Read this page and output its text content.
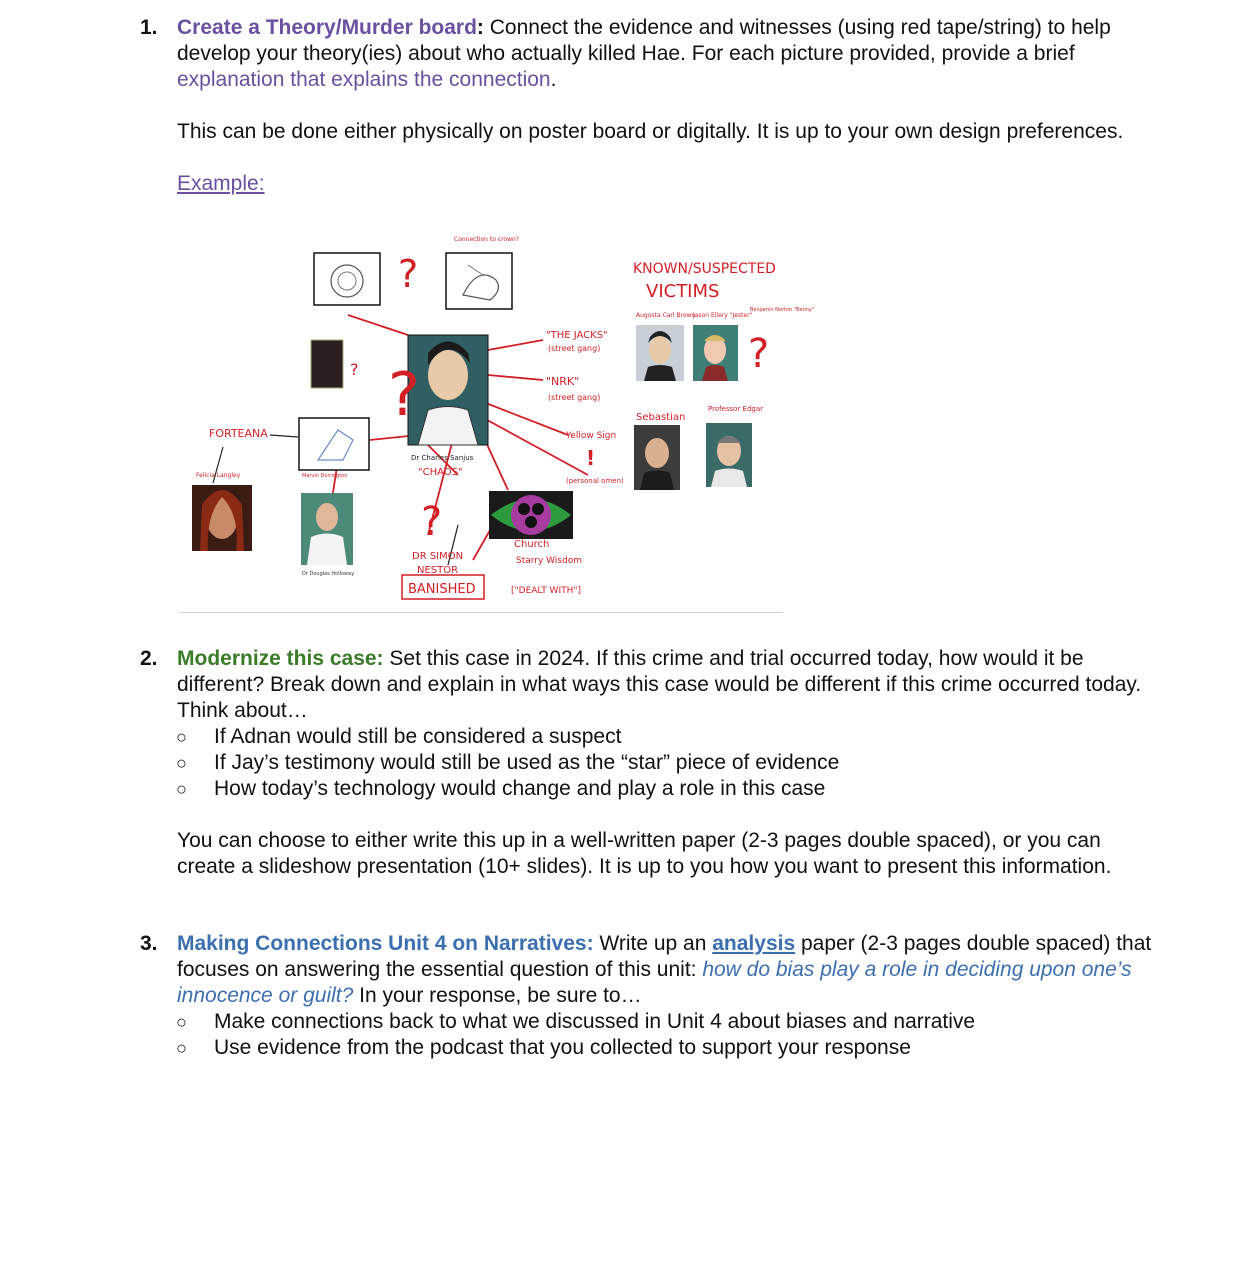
1. Create a Theory/Murder board: Connect the evidence and witnesses (using red tape/string) to help develop your theory(ies) about who actually killed Hae. For each picture provided, provide a brief explanation that explains the connection.

This can be done either physically on poster board or digitally. It is up to your own design preferences.

Example:

?
Connection to crown?
? ?
FORTEANA
Felicia Langley
Dr Douglas Holloway
Marvin Dorrington
Dr Charles Sanjus
"CHAOS"
?
DR SIMON
NESTOR
BANISHED
Church
Starry Wisdom
["DEALT WITH"]
"THE JACKS"
(street gang)
"NRK"
(street gang)
Yellow Sign
!
(personal omen)
KNOWN/SUSPECTED
VICTIMS
Augusta Carl Brown
Jason Ellery "Jester"
Benjamin Norton "Benny"
?
Sebastian
Professor Edgar
2. Modernize this case: Set this case in 2024. If this crime and trial occurred today, how would it be different? Break down and explain in what ways this case would be different if this crime occurred today. Think about…

○ If Adnan would still be considered a suspect
○ If Jay’s testimony would still be used as the “star” piece of evidence
○ How today’s technology would change and play a role in this case

You can choose to either write this up in a well-written paper (2-3 pages double spaced), or you can create a slideshow presentation (10+ slides). It is up to you how you want to present this information.

3. Making Connections Unit 4 on Narratives: Write up an analysis paper (2-3 pages double spaced) that focuses on answering the essential question of this unit: how do bias play a role in deciding upon one’s innocence or guilt? In your response, be sure to…

○ Make connections back to what we discussed in Unit 4 about biases and narrative
○ Use evidence from the podcast that you collected to support your response
